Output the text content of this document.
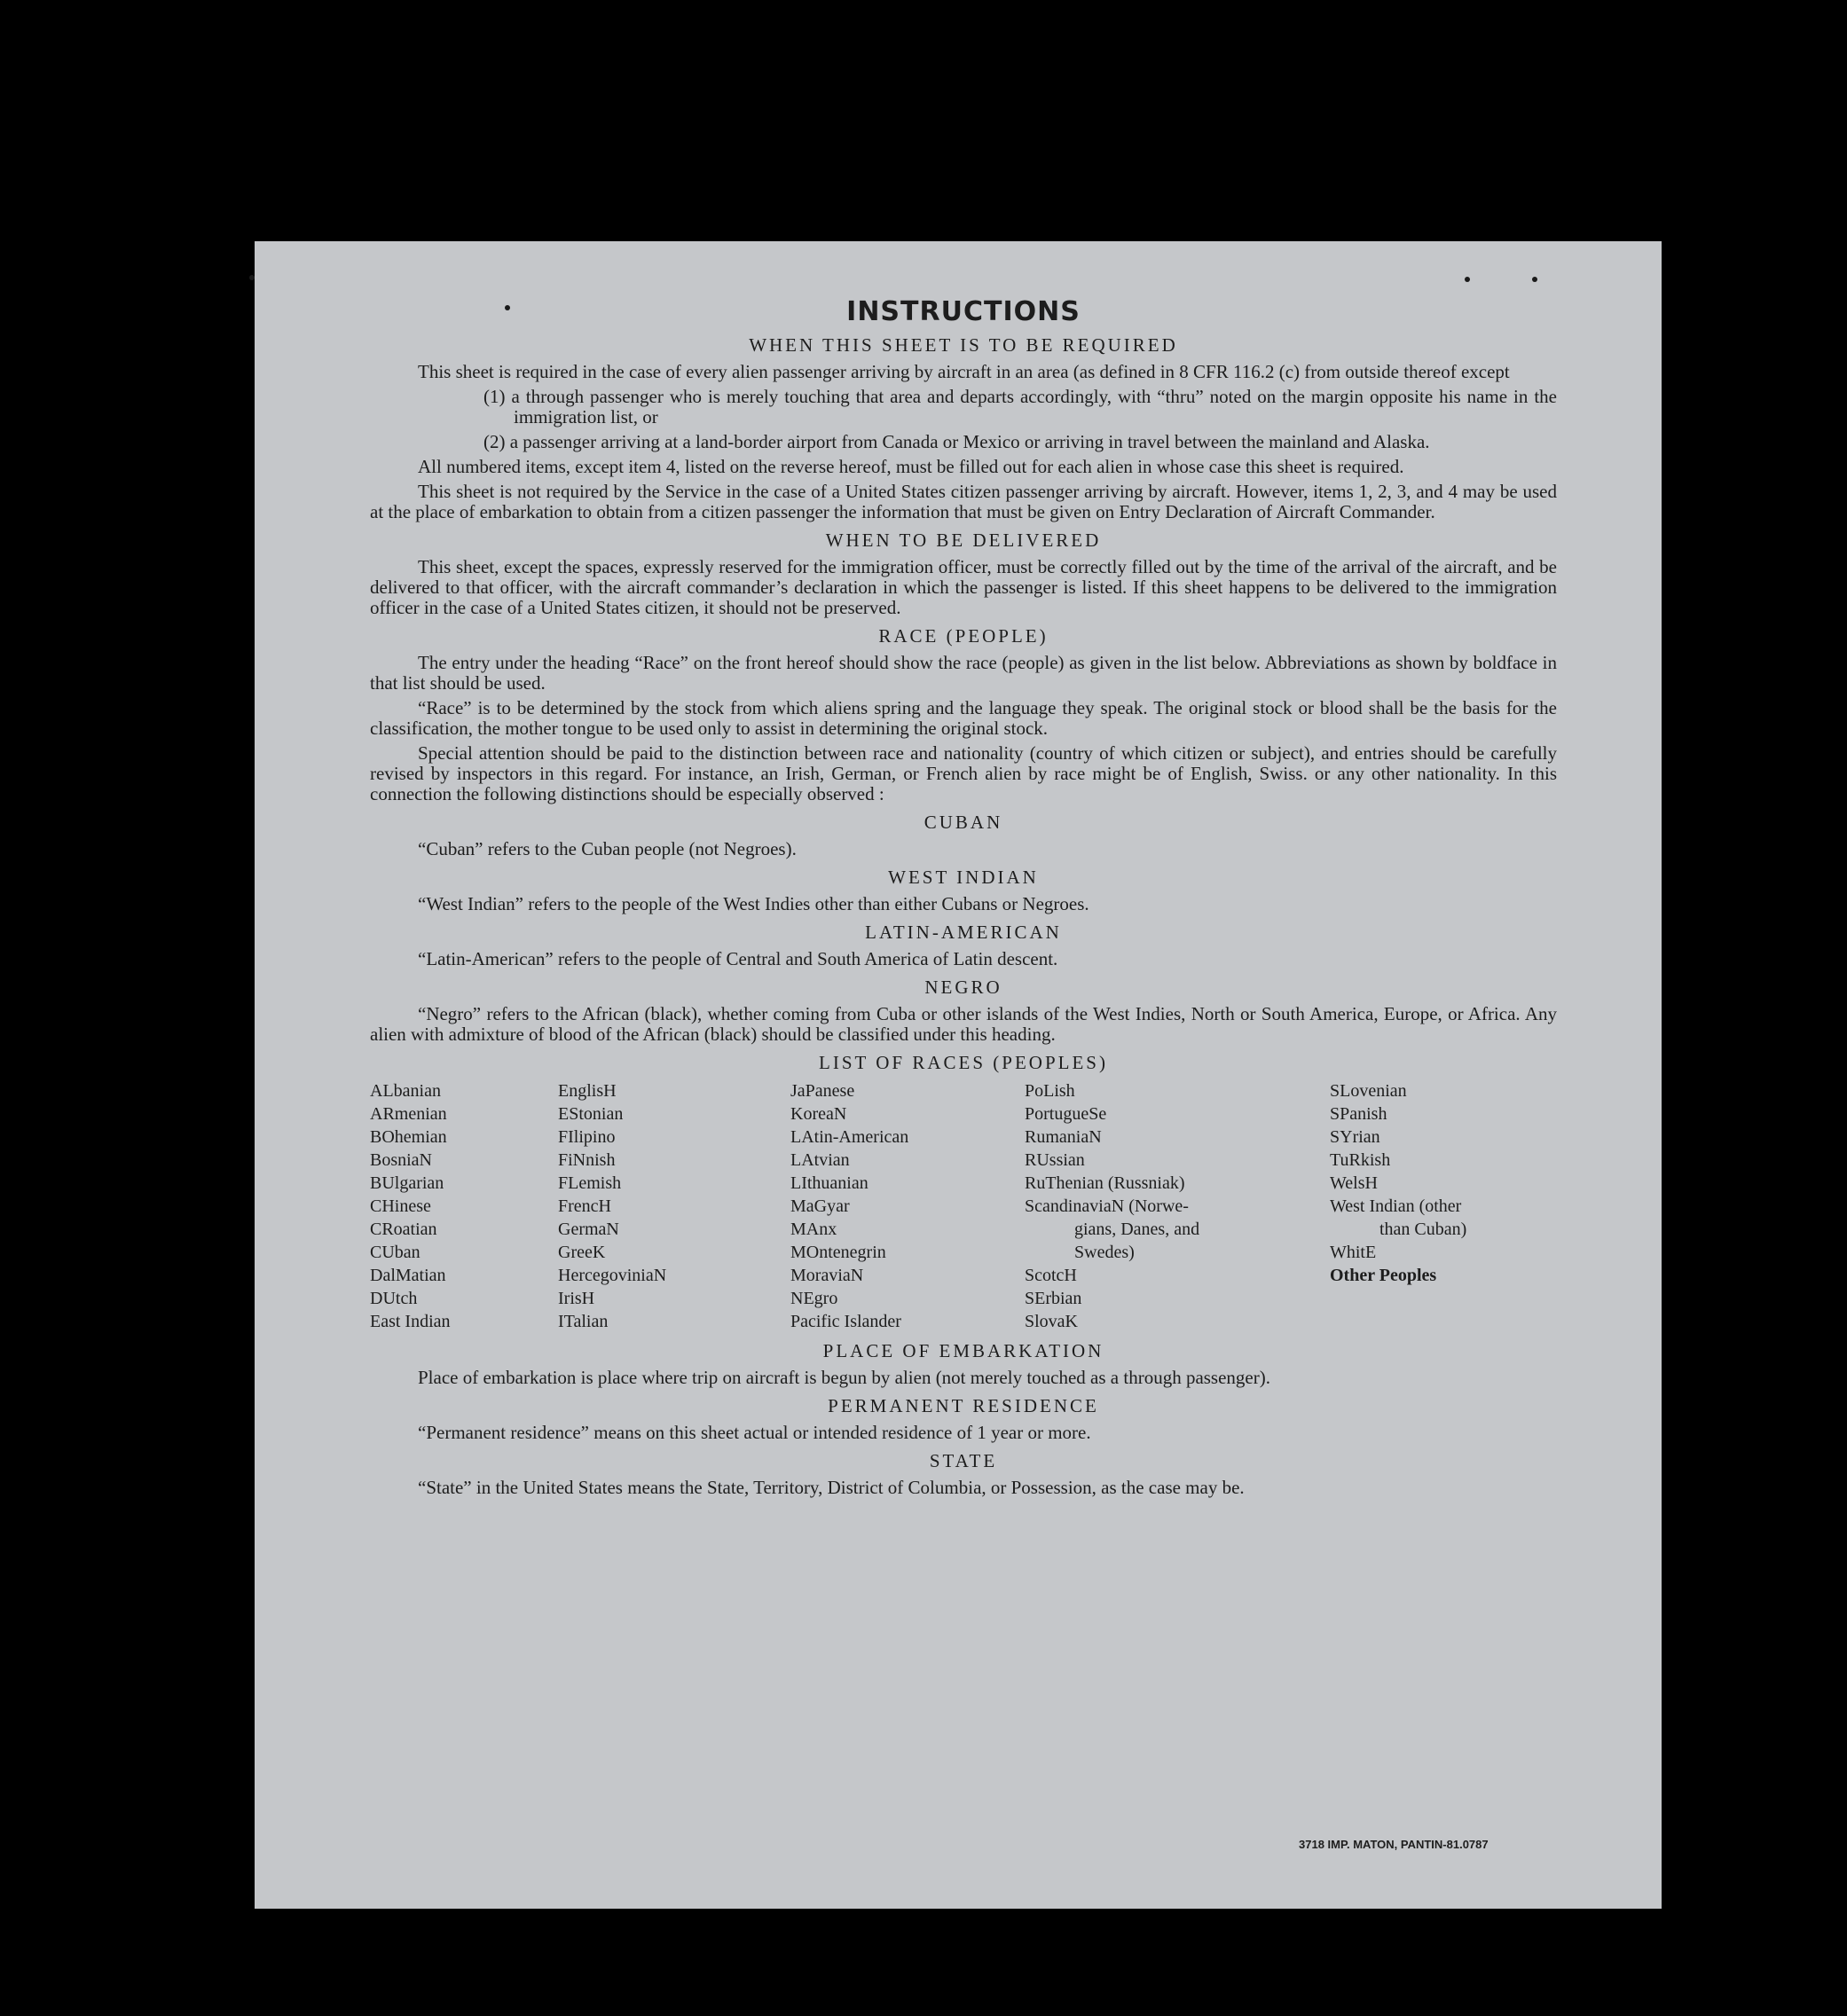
INSTRUCTIONS
WHEN THIS SHEET IS TO BE REQUIRED

This sheet is required in the case of every alien passenger arriving by aircraft in an area (as defined in 8 CFR 116.2 (c) from outside thereof except

(1) a through passenger who is merely touching that area and departs accordingly, with “thru” noted on the margin opposite his name in the immigration list, or

(2) a passenger arriving at a land-border airport from Canada or Mexico or arriving in travel between the mainland and Alaska.

All numbered items, except item 4, listed on the reverse hereof, must be filled out for each alien in whose case this sheet is required.

This sheet is not required by the Service in the case of a United States citizen passenger arriving by aircraft. However, items 1, 2, 3, and 4 may be used at the place of embarkation to obtain from a citizen passenger the information that must be given on Entry Declaration of Aircraft Commander.

WHEN TO BE DELIVERED

This sheet, except the spaces, expressly reserved for the immigration officer, must be correctly filled out by the time of the arrival of the aircraft, and be delivered to that officer, with the aircraft commander’s declaration in which the passenger is listed. If this sheet happens to be delivered to the immigration officer in the case of a United States citizen, it should not be preserved.

RACE (PEOPLE)

The entry under the heading “Race” on the front hereof should show the race (people) as given in the list below. Abbreviations as shown by boldface in that list should be used.

“Race” is to be determined by the stock from which aliens spring and the language they speak. The original stock or blood shall be the basis for the classification, the mother tongue to be used only to assist in determining the original stock.

Special attention should be paid to the distinction between race and nationality (country of which citizen or subject), and entries should be carefully revised by inspectors in this regard. For instance, an Irish, German, or French alien by race might be of English, Swiss. or any other nationality. In this connection the following distinctions should be especially observed :

CUBAN

“Cuban” refers to the Cuban people (not Negroes).

WEST INDIAN

“West Indian” refers to the people of the West Indies other than either Cubans or Negroes.

LATIN-AMERICAN

“Latin-American” refers to the people of Central and South America of Latin descent.

NEGRO

“Negro” refers to the African (black), whether coming from Cuba or other islands of the West Indies, North or South America, Europe, or Africa. Any alien with admixture of blood of the African (black) should be classified under this heading.

LIST OF RACES (PEOPLES)
ALbanian
ARmenian
BOhemian
BosniaN
BUlgarian
CHinese
CRoatian
CUban
DalMatian
DUtch
East Indian
EnglisH
EStonian
FIlipino
FiNnish
FLemish
FrencH
GermaN
GreeK
HercegoviniaN
IrisH
ITalian
JaPanese
KoreaN
LAtin-American
LAtvian
LIthuanian
MaGyar
MAnx
MOntenegrin
MoraviaN
NEgro
Pacific Islander
PoLish
PortugueSe
RumaniaN
RUssian
RuThenian (Russniak)
ScandinaviaN (Norwe-
gians, Danes, and
Swedes)
ScotcH
SErbian
SlovaK
SLovenian
SPanish
SYrian
TuRkish
WelsH
West Indian (other
than Cuban)
WhitE
Other Peoples
PLACE OF EMBARKATION

Place of embarkation is place where trip on aircraft is begun by alien (not merely touched as a through passenger).

PERMANENT RESIDENCE

“Permanent residence” means on this sheet actual or intended residence of 1 year or more.

STATE

“State” in the United States means the State, Territory, District of Columbia, or Possession, as the case may be.

3718 IMP. MATON, PANTIN-81.0787
